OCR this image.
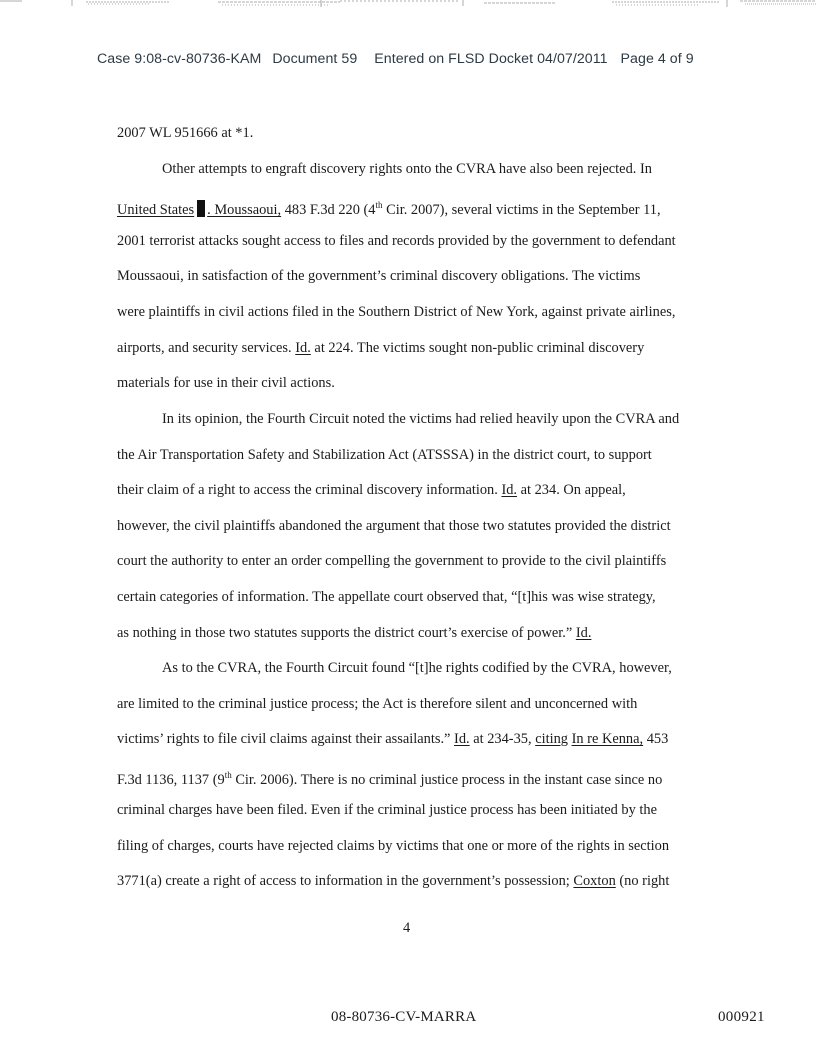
Case 9:08-cv-80736-KAM Document 59 Entered on FLSD Docket 04/07/2011 Page 4 of 9
2007 WL 951666 at *1.
Other attempts to engraft discovery rights onto the CVRA have also been rejected. In
United States . Moussaoui, 483 F.3d 220 (4th Cir. 2007), several victims in the September 11,
2001 terrorist attacks sought access to files and records provided by the government to defendant
Moussaoui, in satisfaction of the government’s criminal discovery obligations. The victims
were plaintiffs in civil actions filed in the Southern District of New York, against private airlines,
airports, and security services. Id. at 224. The victims sought non-public criminal discovery
materials for use in their civil actions.
In its opinion, the Fourth Circuit noted the victims had relied heavily upon the CVRA and
the Air Transportation Safety and Stabilization Act (ATSSSA) in the district court, to support
their claim of a right to access the criminal discovery information. Id. at 234. On appeal,
however, the civil plaintiffs abandoned the argument that those two statutes provided the district
court the authority to enter an order compelling the government to provide to the civil plaintiffs
certain categories of information. The appellate court observed that, “[t]his was wise strategy,
as nothing in those two statutes supports the district court’s exercise of power.” Id.
As to the CVRA, the Fourth Circuit found “[t]he rights codified by the CVRA, however,
are limited to the criminal justice process; the Act is therefore silent and unconcerned with
victims’ rights to file civil claims against their assailants.” Id. at 234-35, citing In re Kenna, 453
F.3d 1136, 1137 (9th Cir. 2006). There is no criminal justice process in the instant case since no
criminal charges have been filed. Even if the criminal justice process has been initiated by the
filing of charges, courts have rejected claims by victims that one or more of the rights in section
3771(a) create a right of access to information in the government’s possession; Coxton (no right
4
08-80736-CV-MARRA	000921
